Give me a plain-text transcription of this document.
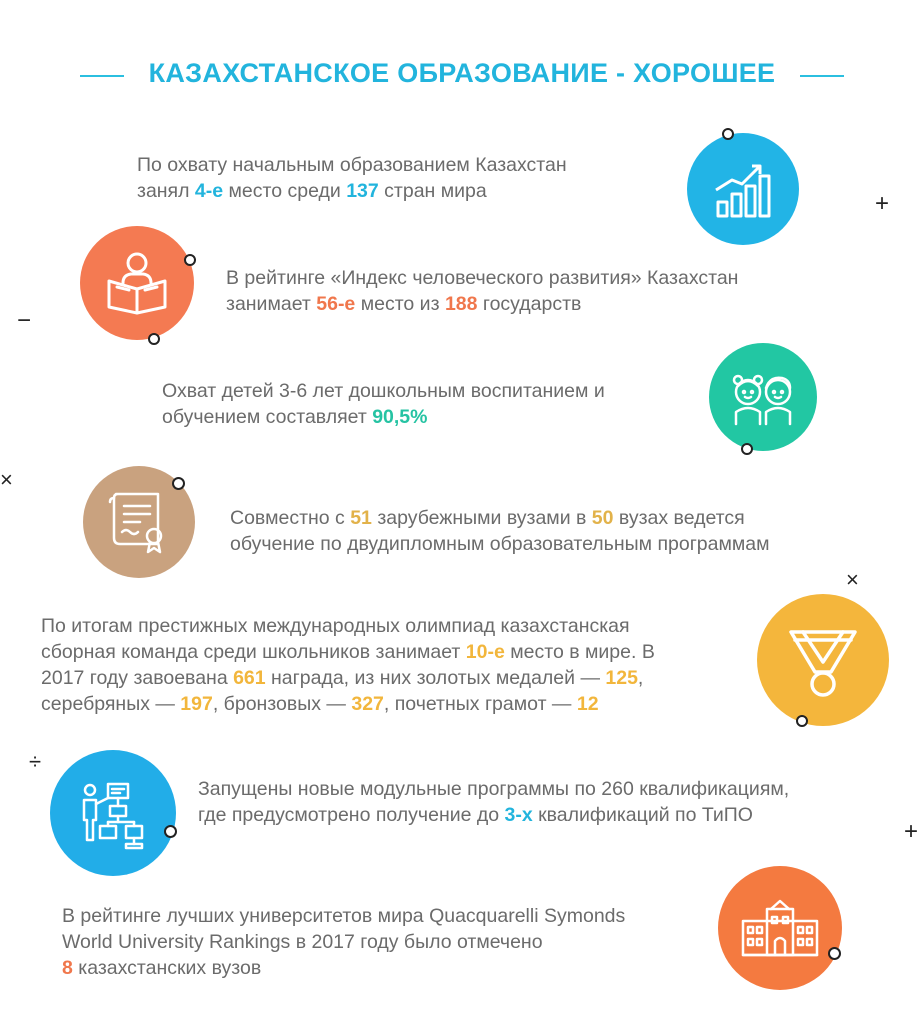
КАЗАХСТАНСКОЕ ОБРАЗОВАНИЕ - ХОРОШЕЕ
По охвату начальным образованием Казахстан
занял 4-е место среди 137 стран мира
В рейтинге «Индекс человеческого развития» Казахстан
занимает 56-е место из 188 государств
Охват детей 3-6 лет дошкольным воспитанием и
обучением составляет 90,5%
Совместно с 51 зарубежными вузами в 50 вузах ведется
обучение по двудипломным образовательным программам
По итогам престижных международных олимпиад казахстанская
сборная команда среди школьников занимает 10-е место в мире. В
2017 году завоевана 661 награда, из них золотых медалей — 125,
серебряных — 197, бронзовых — 327, почетных грамот — 12
Запущены новые модульные программы по 260 квалификациям,
где предусмотрено получение до 3-х квалификаций по ТиПО
В рейтинге лучших университетов мира Quacquarelli Symonds
World University Rankings в 2017 году было отмечено
8 казахстанских вузов
+
−
×
×
÷
+
